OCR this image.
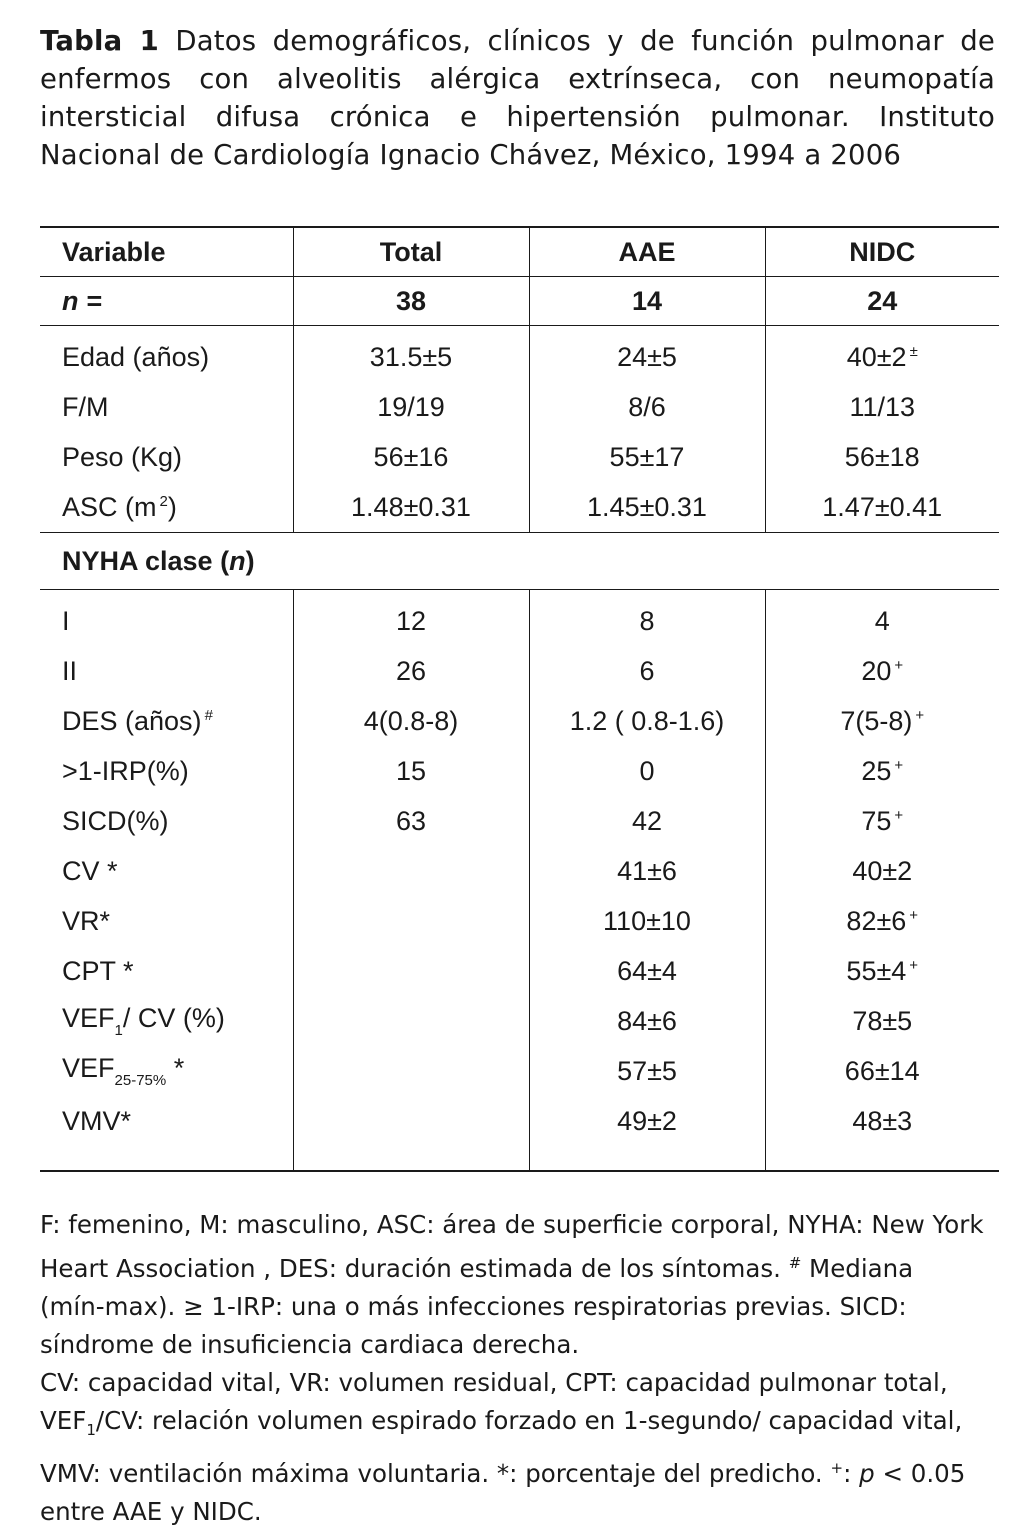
Tabla 1 Datos demográficos, clínicos y de función pulmonar de enfermos con alveolitis alérgica extrínseca, con neumopatía intersticial difusa crónica e hipertensión pulmonar. Instituto Nacional de Cardiología Ignacio Chávez, México, 1994 a 2006
Variable	Total	AAE	NIDC
n =	38	14	24
Edad (años)	31.5±5	24±5	40±2 ±
F/M	19/19	8/6	11/13
Peso (Kg)	56±16	55±17	56±18
ASC (m $^2$)	1.48±0.31	1.45±0.31	1.47±0.41
NYHA clase (n)			
I	12	8	4
II	26	6	20 +
DES (años) #	4(0.8-8)	1.2 ( 0.8-1.6)	7(5-8) +
>1-IRP(%)	15	0	25 +
SICD(%)	63	42	75 +
CV *		41±6	40±2
VR*		110±10	82±6 +
CPT *		64±4	55±4 +
$VEF_1/$ CV (%)		84±6	78±5
$VEF_{25-75\%}$ *		57±5	66±14
VMV*		49±2	48±3

F: femenino, M: masculino, ASC: área de superficie corporal, NYHA: New York Heart Association , DES: duración estimada de los síntomas. # Mediana (mín-max). ≥ 1-IRP: una o más infecciones respiratorias previas. SICD: síndrome de insuficiencia cardiaca derecha.

CV: capacidad vital, VR: volumen residual, CPT: capacidad pulmonar total, $VEF_1/CV$: relación volumen espirado forzado en 1-segundo/ capacidad vital, VMV: ventilación máxima voluntaria. *: porcentaje del predicho. +: p < 0.05 entre AAE y NIDC.
